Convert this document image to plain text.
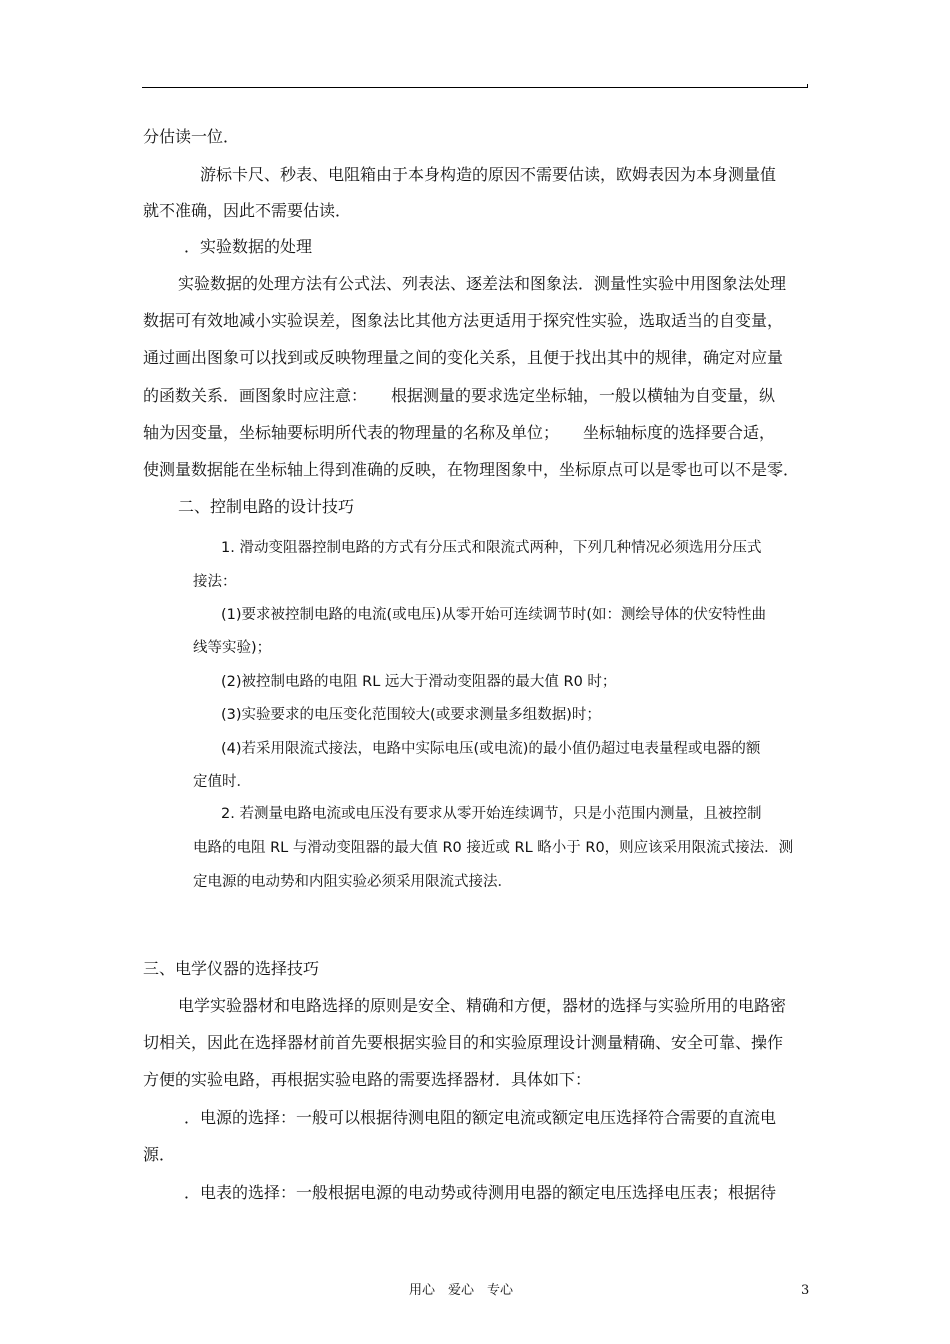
分估读一位．
游标卡尺、秒表、电阻箱由于本身构造的原因不需要估读，欧姆表因为本身测量值
就不准确，因此不需要估读．
．实验数据的处理
实验数据的处理方法有公式法、列表法、逐差法和图象法．测量性实验中用图象法处理
数据可有效地减小实验误差，图象法比其他方法更适用于探究性实验，选取适当的自变量，
通过画出图象可以找到或反映物理量之间的变化关系，且便于找出其中的规律，确定对应量
的函数关系．画图象时应注意：　　根据测量的要求选定坐标轴，一般以横轴为自变量，纵
轴为因变量，坐标轴要标明所代表的物理量的名称及单位；　　坐标轴标度的选择要合适，
使测量数据能在坐标轴上得到准确的反映，在物理图象中，坐标原点可以是零也可以不是零．
二、控制电路的设计技巧
1. 滑动变阻器控制电路的方式有分压式和限流式两种，下列几种情况必须选用分压式
接法：
(1)要求被控制电路的电流(或电压)从零开始可连续调节时(如：测绘导体的伏安特性曲
线等实验)；
(2)被控制电路的电阻 RL 远大于滑动变阻器的最大值 R0 时；
(3)实验要求的电压变化范围较大(或要求测量多组数据)时；
(4)若采用限流式接法，电路中实际电压(或电流)的最小值仍超过电表量程或电器的额
定值时．
2. 若测量电路电流或电压没有要求从零开始连续调节，只是小范围内测量，且被控制
电路的电阻 RL 与滑动变阻器的最大值 R0 接近或 RL 略小于 R0，则应该采用限流式接法．测
定电源的电动势和内阻实验必须采用限流式接法．
三、电学仪器的选择技巧
电学实验器材和电路选择的原则是安全、精确和方便，器材的选择与实验所用的电路密
切相关，因此在选择器材前首先要根据实验目的和实验原理设计测量精确、安全可靠、操作
方便的实验电路，再根据实验电路的需要选择器材．具体如下：
．电源的选择：一般可以根据待测电阻的额定电流或额定电压选择符合需要的直流电
源．
．电表的选择：一般根据电源的电动势或待测用电器的额定电压选择电压表；根据待
用心　爱心　专心	3
